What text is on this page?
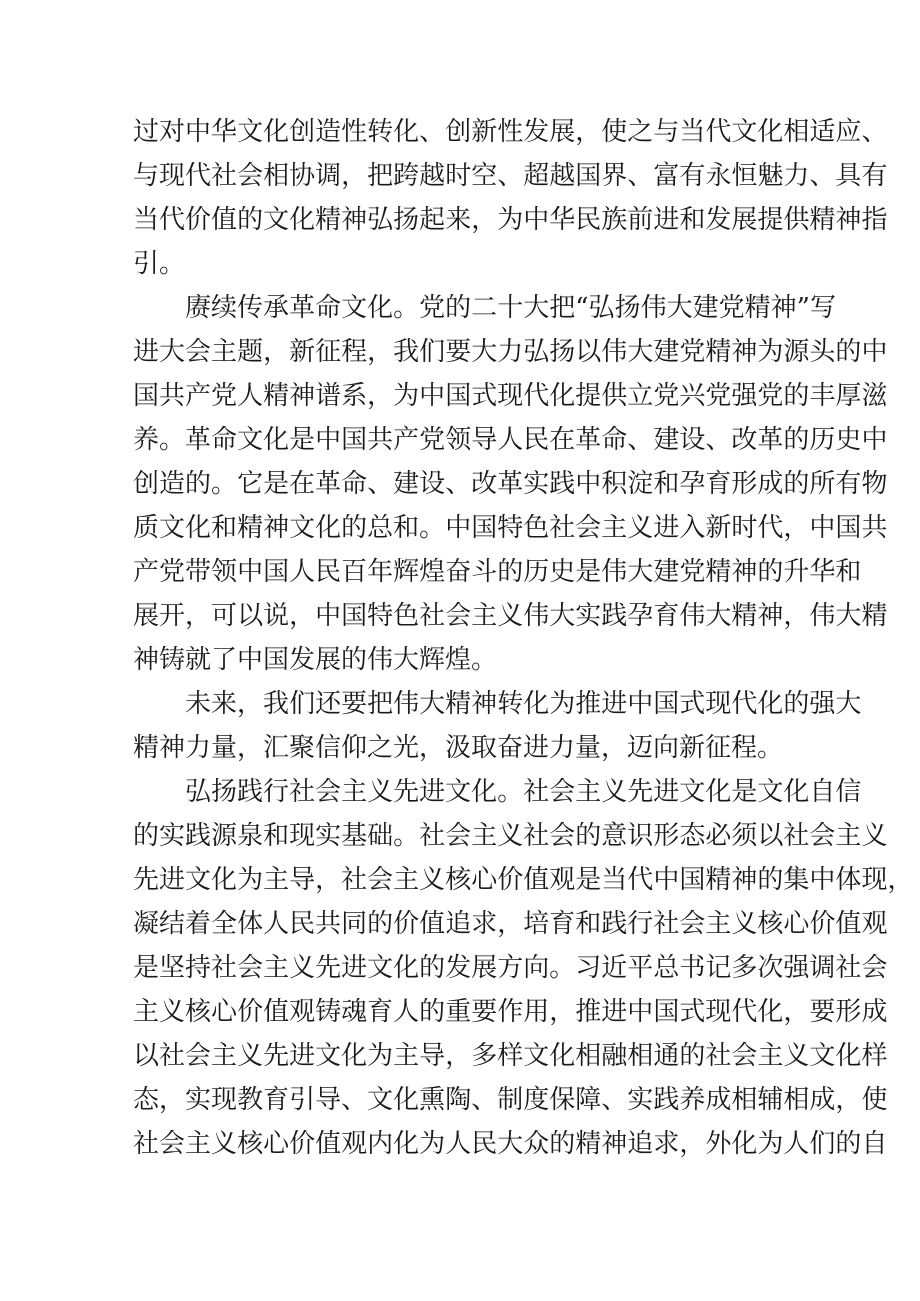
过 对 中 华 文 化 创 造 性 转 化 、 创 新 性 发 展 ， 使 之 与 当 代 文 化 相 适 应 、
与 现 代 社 会 相 协 调 ， 把 跨 越 时 空 、 超 越 国 界 、 富 有 永 恒 魅 力 、 具 有
当 代 价 值 的 文 化 精 神 弘 扬 起 来 ， 为 中 华 民 族 前 进 和 发 展 提 供 精 神 指
引。
赓 续 传 承 革 命 文 化 。 党 的 二 十 大 把 “ 弘 扬 伟 大 建 党 精 神 ” 写
进 大 会 主 题 ， 新 征 程 ， 我 们 要 大 力 弘 扬 以 伟 大 建 党 精 神 为 源 头 的 中
国 共 产 党 人 精 神 谱 系 ， 为 中 国 式 现 代 化 提 供 立 党 兴 党 强 党 的 丰 厚 滋
养 。 革 命 文 化 是 中 国 共 产 党 领 导 人 民 在 革 命 、 建 设 、 改 革 的 历 史 中
创 造 的 。 它 是 在 革 命 、 建 设 、 改 革 实 践 中 积 淀 和 孕 育 形 成 的 所 有 物
质 文 化 和 精 神 文 化 的 总 和 。 中 国 特 色 社 会 主 义 进 入 新 时 代 ， 中 国 共
产 党 带 领 中 国 人 民 百 年 辉 煌 奋 斗 的 历 史 是 伟 大 建 党 精 神 的 升 华 和
展 开 ， 可 以 说 ， 中 国 特 色 社 会 主 义 伟 大 实 践 孕 育 伟 大 精 神 ， 伟 大 精
神铸就了中国发展的伟大辉煌。
未 来 ， 我 们 还 要 把 伟 大 精 神 转 化 为 推 进 中 国 式 现 代 化 的 强 大
精神力量，汇聚信仰之光，汲取奋进力量，迈向新征程。
弘 扬 践 行 社 会 主 义 先 进 文 化 。 社 会 主 义 先 进 文 化 是 文 化 自 信
的 实 践 源 泉 和 现 实 基 础 。 社 会 主 义 社 会 的 意 识 形 态 必 须 以 社 会 主 义
先 进 文 化 为 主 导 ， 社 会 主 义 核 心 价 值 观 是 当 代 中 国 精 神 的 集 中 体 现 ，
凝 结 着 全 体 人 民 共 同 的 价 值 追 求 ， 培 育 和 践 行 社 会 主 义 核 心 价 值 观
是 坚 持 社 会 主 义 先 进 文 化 的 发 展 方 向 。 习 近 平 总 书 记 多 次 强 调 社 会
主 义 核 心 价 值 观 铸 魂 育 人 的 重 要 作 用 ， 推 进 中 国 式 现 代 化 ， 要 形 成
以 社 会 主 义 先 进 文 化 为 主 导 ， 多 样 文 化 相 融 相 通 的 社 会 主 义 文 化 样
态 ， 实 现 教 育 引 导 、 文 化 熏 陶 、 制 度 保 障 、 实 践 养 成 相 辅 相 成 ， 使
社 会 主 义 核 心 价 值 观 内 化 为 人 民 大 众 的 精 神 追 求 ， 外 化 为 人 们 的 自
